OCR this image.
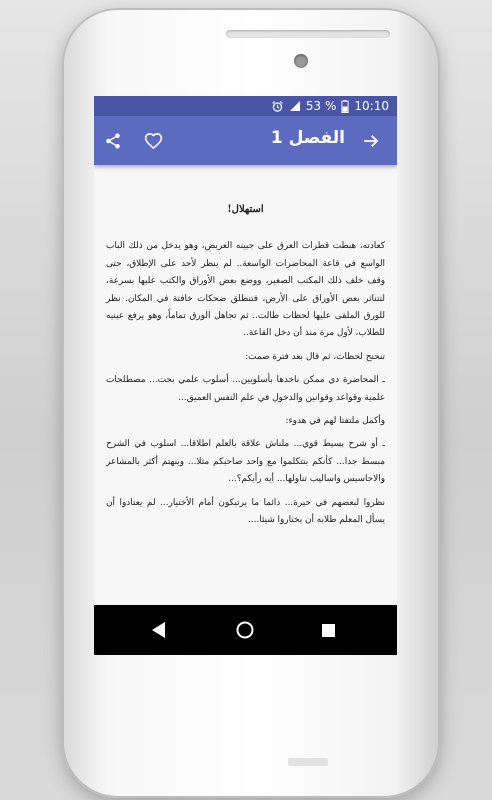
53 % 10:10
الفصل 1
استهلال!

كعادته، هبطت قطرات العرق على جبينه العريض، وهو يدخل من ذلك الباب الواسع في قاعة المحاضرات الواسعة.. لم ينظر لأحد على الإطلاق، حتى وقف خلف ذلك المكتب الصغير، ووضع بعض الأوراق والكتب عليها بسرعة، لتتناثر بعض الأوراق على الأرض، فتنطلق ضحكات خافتة في المكان. نظر للورق الملقى عليها لحظات طالت.. ثم تجاهل الورق تماماً، وهو يرفع عينيه للطلاب، لأول مرة منذ أن دخل القاعة..

تنحنح لحظات، ثم قال بعد فترة صمت:

ـ المحاضرة دي ممكن ناخدها بأسلوبين... أسلوب علمي بحت... مصطلحات علمية وقواعد وقوانين والدخول في علم النفس العميق...

وأكمل ملتفتا لهم في هدوء:

ـ أو شرح بسيط قوي... ملناش علاقة بالعلم اطلاقا... اسلوب في الشرح مبسط جدا... كأنكم بتتكلموا مع واحد صاحبكم مثلا... وبنهتم أكثر بالمشاعر والاحاسيس واساليب تناولها... أيه رأيكم؟...

نظروا لبعضهم في حيرة... دائما ما يرتبكون أمام الأختيار... لم يعتادوا أن يسأل المعلم طلابه أن يختاروا شيئا....
